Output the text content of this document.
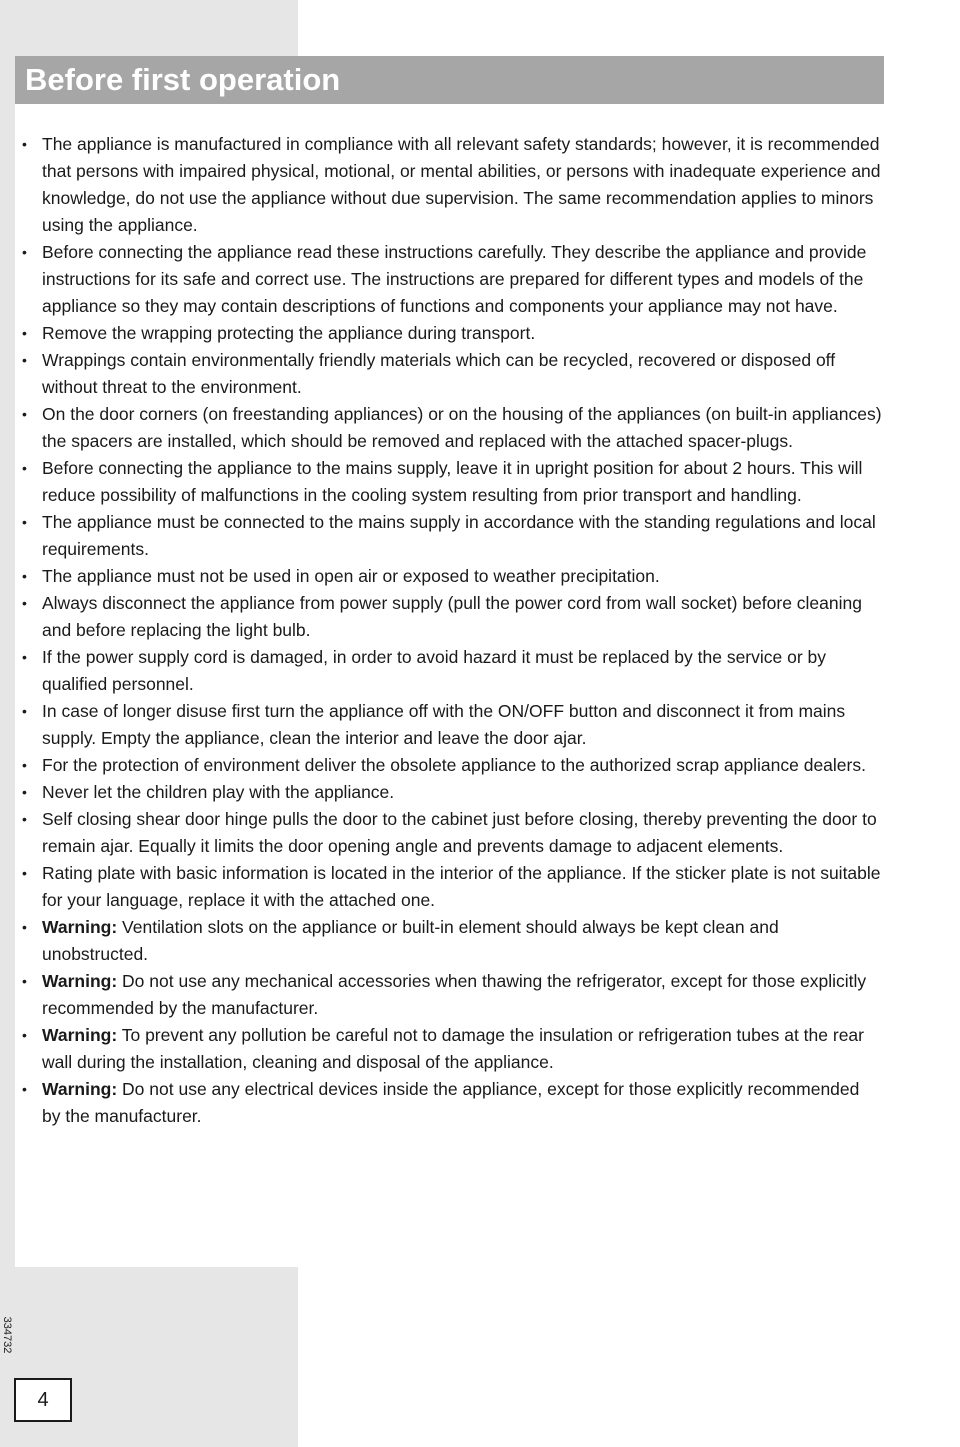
Before first operation
• The appliance is manufactured in compliance with all relevant safety standards; however, it is recommended that persons with impaired physical, motional, or mental abilities, or persons with inadequate experience and knowledge, do not use the appliance without due supervision. The same recommendation applies to minors using the appliance.
• Before connecting the appliance read these instructions carefully. They describe the appliance and provide instructions for its safe and correct use. The instructions are prepared for different types and models of the appliance so they may contain descriptions of functions and components your appliance may not have.
• Remove the wrapping protecting the appliance during transport.
• Wrappings contain environmentally friendly materials which can be recycled, recovered or disposed off without threat to the environment.
• On the door corners (on freestanding appliances) or on the housing of the appliances (on built-in appliances) the spacers are installed, which should be removed and replaced with the attached spacer-plugs.
• Before connecting the appliance to the mains supply, leave it in upright position for about 2 hours. This will reduce possibility of malfunctions in the cooling system resulting from prior transport and handling.
• The appliance must be connected to the mains supply in accordance with the standing regulations and local requirements.
• The appliance must not be used in open air or exposed to weather precipitation.
• Always disconnect the appliance from power supply (pull the power cord from wall socket) before cleaning and before replacing the light bulb.
• If the power supply cord is damaged, in order to avoid hazard it must be replaced by the service or by qualified personnel.
• In case of longer disuse first turn the appliance off with the ON/OFF button and disconnect it from mains supply. Empty the appliance, clean the interior and leave the door ajar.
• For the protection of environment deliver the obsolete appliance to the authorized scrap appliance dealers.
• Never let the children play with the appliance.
• Self closing shear door hinge pulls the door to the cabinet just before closing, thereby preventing the door to remain ajar. Equally it limits the door opening angle and prevents damage to adjacent elements.
• Rating plate with basic information is located in the interior of the appliance. If the sticker plate is not suitable for your language, replace it with the attached one.
• Warning: Ventilation slots on the appliance or built-in element should always be kept clean and unobstructed.
• Warning: Do not use any mechanical accessories when thawing the refrigerator, except for those explicitly recommended by the manufacturer.
• Warning: To prevent any pollution be careful not to damage the insulation or refrigeration tubes at the rear wall during the installation, cleaning and disposal of the appliance.
• Warning: Do not use any electrical devices inside the appliance, except for those explicitly recommended by the manufacturer.
334732
4
